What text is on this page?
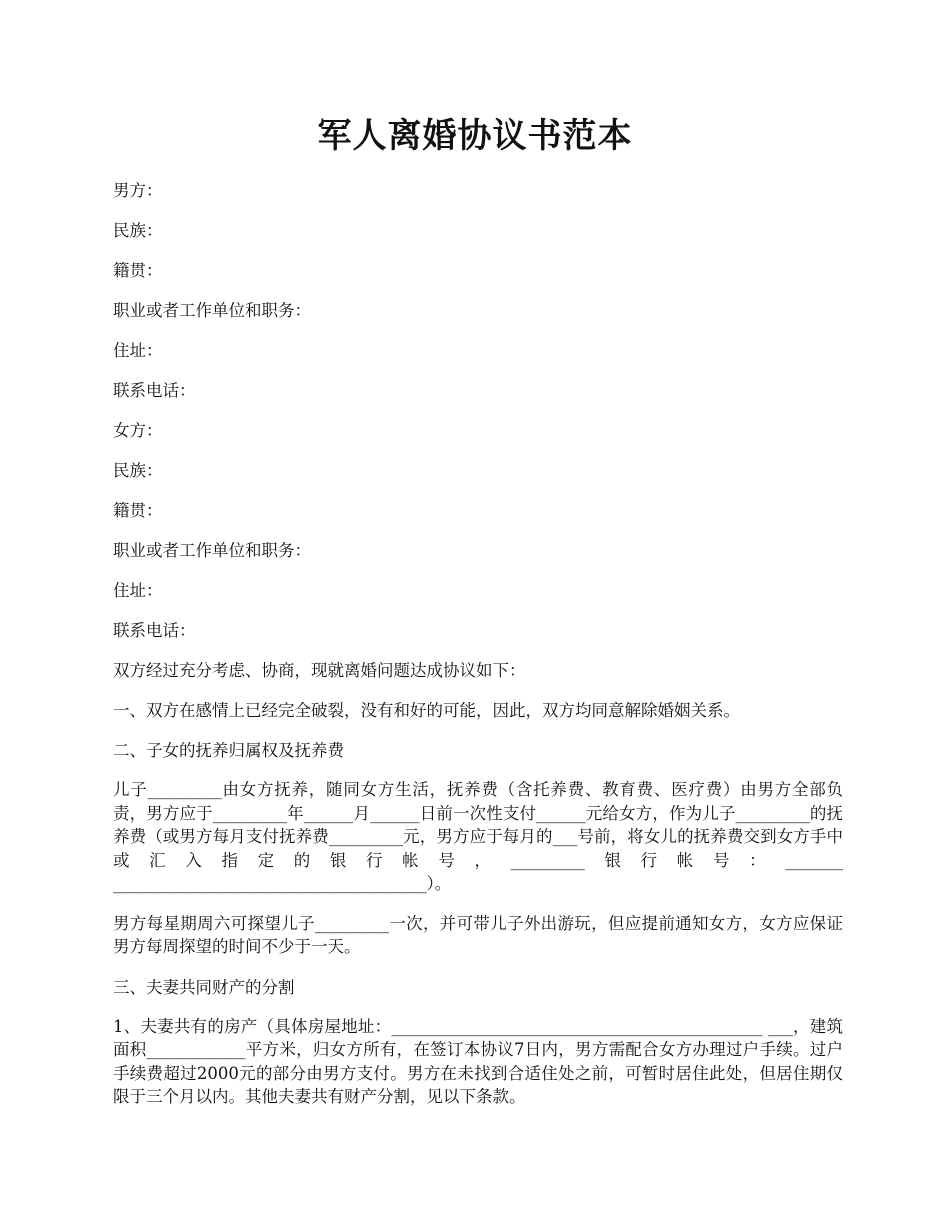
军人离婚协议书范本

男方：

民族：

籍贯：

职业或者工作单位和职务：

住址：

联系电话：

女方：

民族：

籍贯：

职业或者工作单位和职务：

住址：

联系电话：

双方经过充分考虑、协商，现就离婚问题达成协议如下：

一、双方在感情上已经完全破裂，没有和好的可能，因此，双方均同意解除婚姻关系。

二、子女的抚养归属权及抚养费

儿子_________由女方抚养，随同女方生活，抚养费（含托养费、教育费、医疗费）由男方全部负责，男方应于_________年______月______日前一次性支付______元给女方，作为儿子_________的抚养费（或男方每月支付抚养费_________元，男方应于每月的___号前，将女儿的抚养费交到女方手中或汇入指定的银行帐号，_________银行帐号：_______ ______________________________________）。

男方每星期周六可探望儿子_________一次，并可带儿子外出游玩，但应提前通知女方，女方应保证男方每周探望的时间不少于一天。

三、夫妻共同财产的分割

1、夫妻共有的房产（具体房屋地址：_____________________________________________ ___，建筑面积____________平方米，归女方所有，在签订本协议7日内，男方需配合女方办理过户手续。过户手续费超过2000元的部分由男方支付。男方在未找到合适住处之前，可暂时居住此处，但居住期仅限于三个月以内。其他夫妻共有财产分割，见以下条款。
